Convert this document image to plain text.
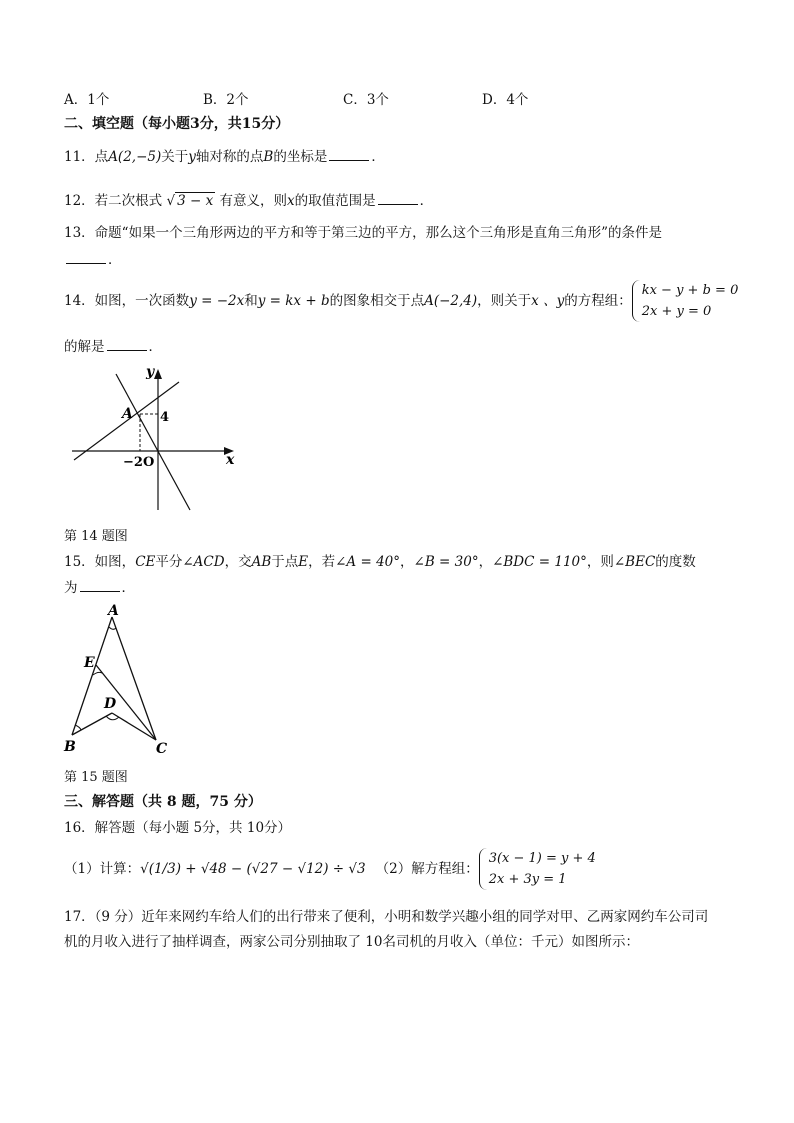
A．1个	B．2个	C．3个	D．4个
二、填空题（每小题3分，共15分）
11．点A(2,−5)关于y轴对称的点B的坐标是	．
12．若二次根式 √ 3 − x 有意义，则x的取值范围是	．
13．命题“如果一个三角形两边的平方和等于第三边的平方，那么这个三角形是直角三角形”的条件是
．
14．如图，一次函数y = −2x和y = kx + b的图象相交于点A(−2,4)，则关于x 、y的方程组：
kx − y + b = 0
2x + y = 0
的解是	．
y
x
A 4
−2O
第 14 题图
15．如图，CE平分∠ACD，交AB于点E，若∠A = 40°，∠B = 30°，∠BDC = 110°，则∠BEC的度数
为	．
A
E
D
B	C
第 15 题图
三、解答题（共 8 题，75 分）
16．解答题（每小题 5分，共 10分）
（1）计算：√(1/3) + √48 − (√27 − √12) ÷ √3 （2）解方程组：
3(x − 1) = y + 4
2x + 3y = 1
17．（9 分）近年来网约车给人们的出行带来了便利，小明和数学兴趣小组的同学对甲、乙两家网约车公司司
机的月收入进行了抽样调查，两家公司分别抽取了 10名司机的月收入（单位：千元）如图所示：
